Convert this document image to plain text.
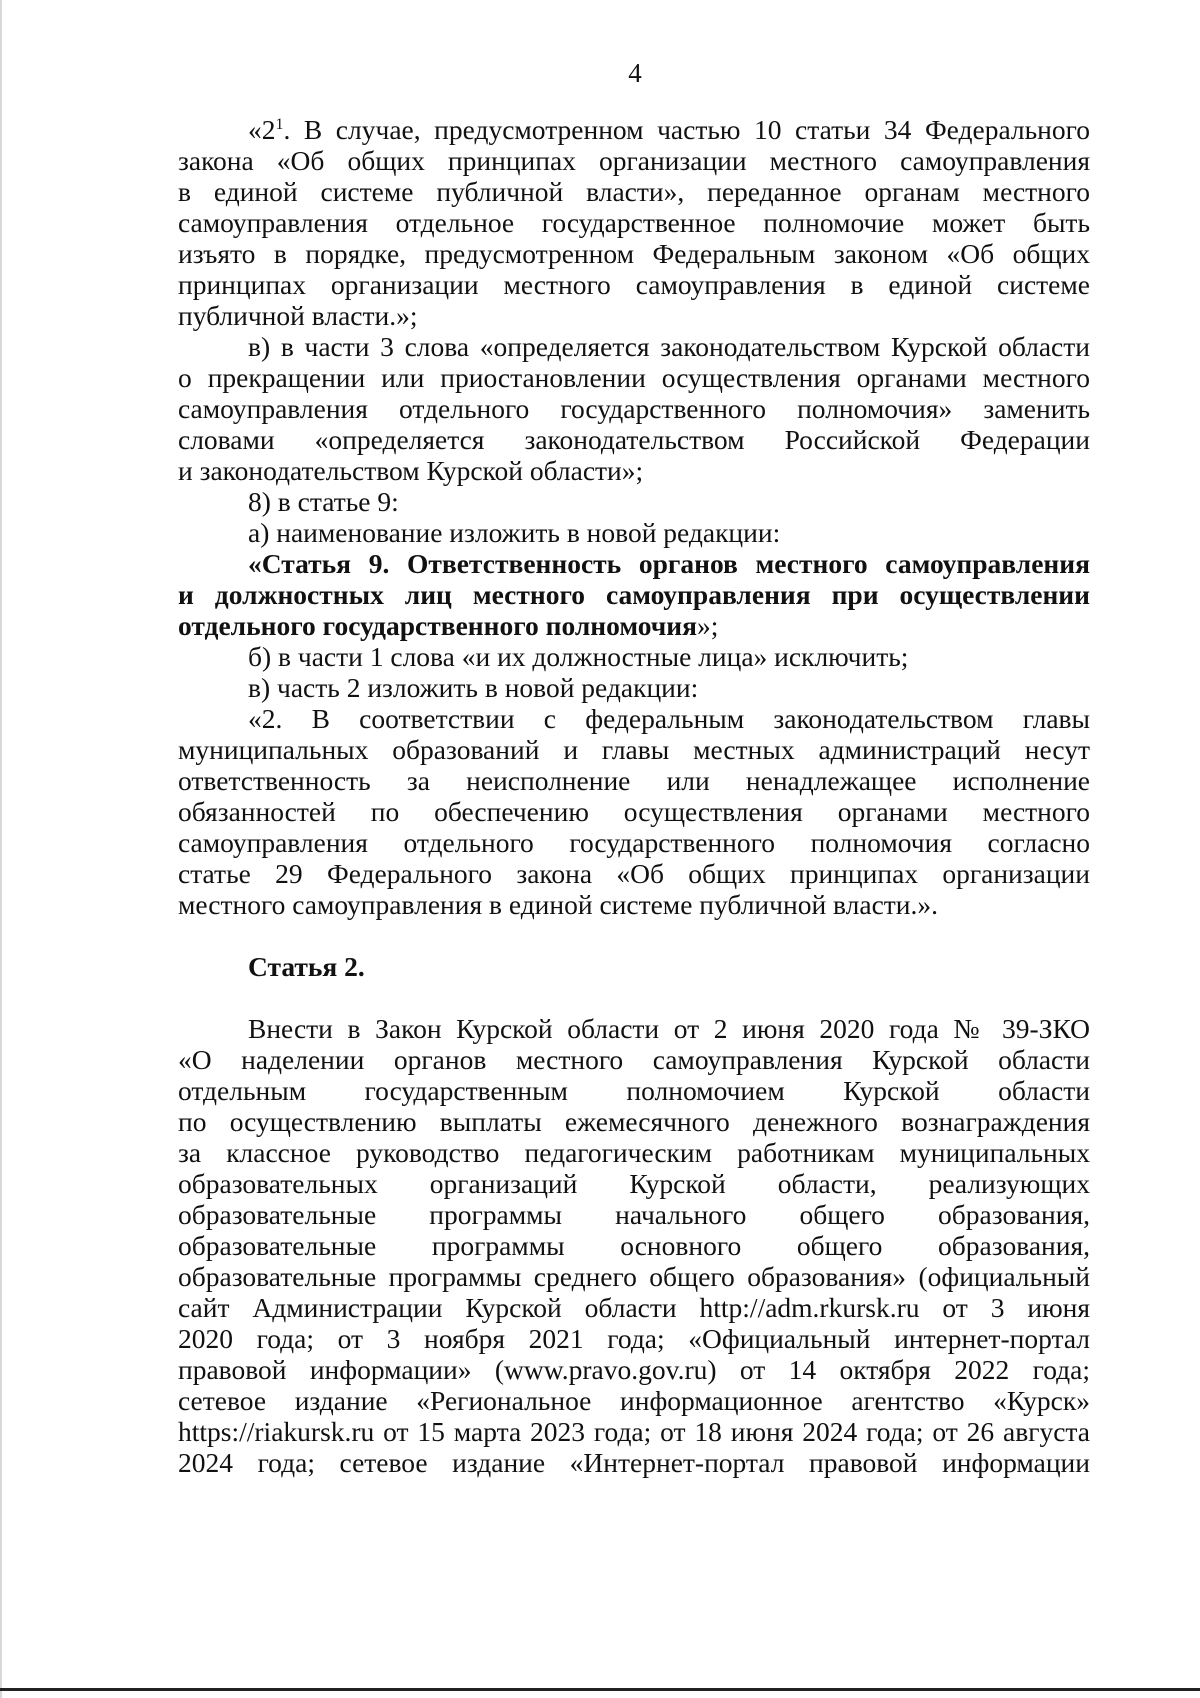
4
«$2^1$. В случае, предусмотренном частью 10 статьи 34 Федерального
закона «Об общих принципах организации местного самоуправления
в единой системе публичной власти», переданное органам местного
самоуправления отдельное государственное полномочие может быть
изъято в порядке, предусмотренном Федеральным законом «Об общих
принципах организации местного самоуправления в единой системе
публичной власти.»;
в) в части 3 слова «определяется законодательством Курской области
о прекращении или приостановлении осуществления органами местного
самоуправления отдельного государственного полномочия» заменить
словами «определяется законодательством Российской Федерации
и законодательством Курской области»;
8) в статье 9:
а) наименование изложить в новой редакции:
«Статья 9. Ответственность органов местного самоуправления
и должностных лиц местного самоуправления при осуществлении
отдельного государственного полномочия»;
б) в части 1 слова «и их должностные лица» исключить;
в) часть 2 изложить в новой редакции:
«2. В соответствии с федеральным законодательством главы
муниципальных образований и главы местных администраций несут
ответственность за неисполнение или ненадлежащее исполнение
обязанностей по обеспечению осуществления органами местного
самоуправления отдельного государственного полномочия согласно
статье 29 Федерального закона «Об общих принципах организации
местного самоуправления в единой системе публичной власти.».
Статья 2.
Внести в Закон Курской области от 2 июня 2020 года № 39-ЗКО
«О наделении органов местного самоуправления Курской области
отдельным государственным полномочием Курской области
по осуществлению выплаты ежемесячного денежного вознаграждения
за классное руководство педагогическим работникам муниципальных
образовательных организаций Курской области, реализующих
образовательные программы начального общего образования,
образовательные программы основного общего образования,
образовательные программы среднего общего образования» (официальный
сайт Администрации Курской области http://adm.rkursk.ru от 3 июня
2020 года; от 3 ноября 2021 года; «Официальный интернет-портал
правовой информации» (www.pravo.gov.ru) от 14 октября 2022 года;
сетевое издание «Региональное информационное агентство «Курск»
https://riakursk.ru от 15 марта 2023 года; от 18 июня 2024 года; от 26 августа
2024 года; сетевое издание «Интернет-портал правовой информации
